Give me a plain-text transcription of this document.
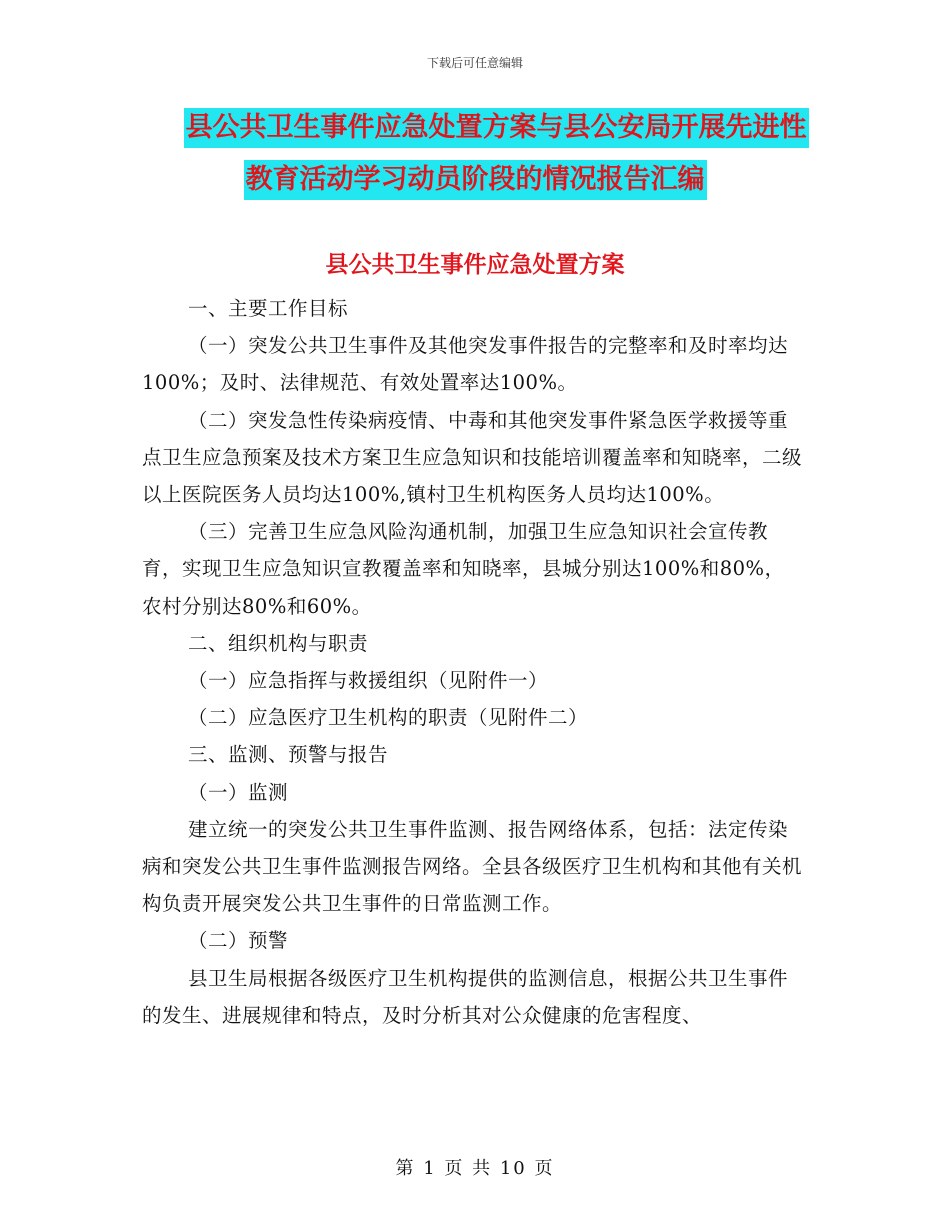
下载后可任意编辑
县公共卫生事件应急处置方案与县公安局开展先进性
教育活动学习动员阶段的情况报告汇编
县公共卫生事件应急处置方案

一、主要工作目标

（一）突发公共卫生事件及其他突发事件报告的完整率和及时率均达100%；及时、法律规范、有效处置率达100%。

（二）突发急性传染病疫情、中毒和其他突发事件紧急医学救援等重点卫生应急预案及技术方案卫生应急知识和技能培训覆盖率和知晓率，二级以上医院医务人员均达100%,镇村卫生机构医务人员均达100%。

（三）完善卫生应急风险沟通机制，加强卫生应急知识社会宣传教育，实现卫生应急知识宣教覆盖率和知晓率，县城分别达100%和80%，农村分别达80%和60%。

二、组织机构与职责

（一）应急指挥与救援组织（见附件一）

（二）应急医疗卫生机构的职责（见附件二）

三、监测、预警与报告

（一）监测

建立统一的突发公共卫生事件监测、报告网络体系，包括：法定传染病和突发公共卫生事件监测报告网络。全县各级医疗卫生机构和其他有关机构负责开展突发公共卫生事件的日常监测工作。

（二）预警

县卫生局根据各级医疗卫生机构提供的监测信息，根据公共卫生事件的发生、进展规律和特点，及时分析其对公众健康的危害程度、

第 1 页 共 10 页
